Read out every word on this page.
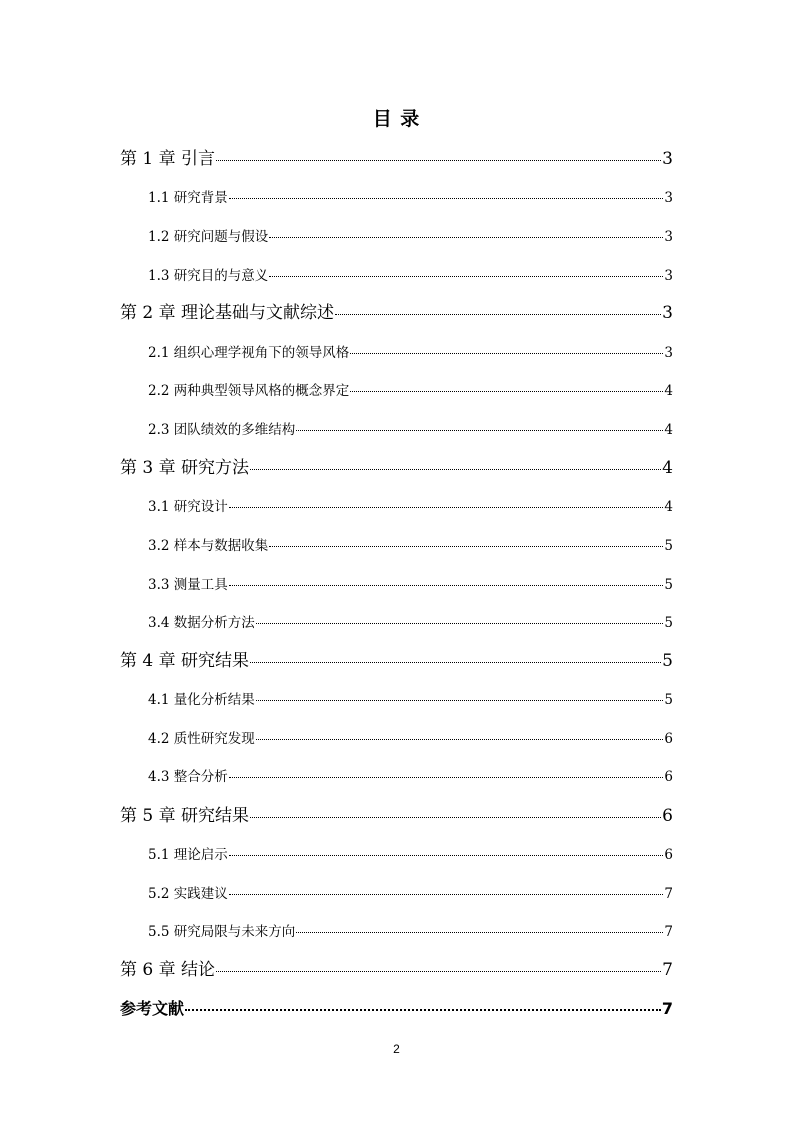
目 录
第 1 章 引言	3
1.1 研究背景	3
1.2 研究问题与假设	3
1.3 研究目的与意义	3
第 2 章 理论基础与文献综述	3
2.1 组织心理学视角下的领导风格	3
2.2 两种典型领导风格的概念界定	4
2.3 团队绩效的多维结构	4
第 3 章 研究方法	4
3.1 研究设计	4
3.2 样本与数据收集	5
3.3 测量工具	5
3.4 数据分析方法	5
第 4 章 研究结果	5
4.1 量化分析结果	5
4.2 质性研究发现	6
4.3 整合分析	6
第 5 章 研究结果	6
5.1 理论启示	6
5.2 实践建议	7
5.5 研究局限与未来方向	7
第 6 章 结论	7
参考文献	7
2
